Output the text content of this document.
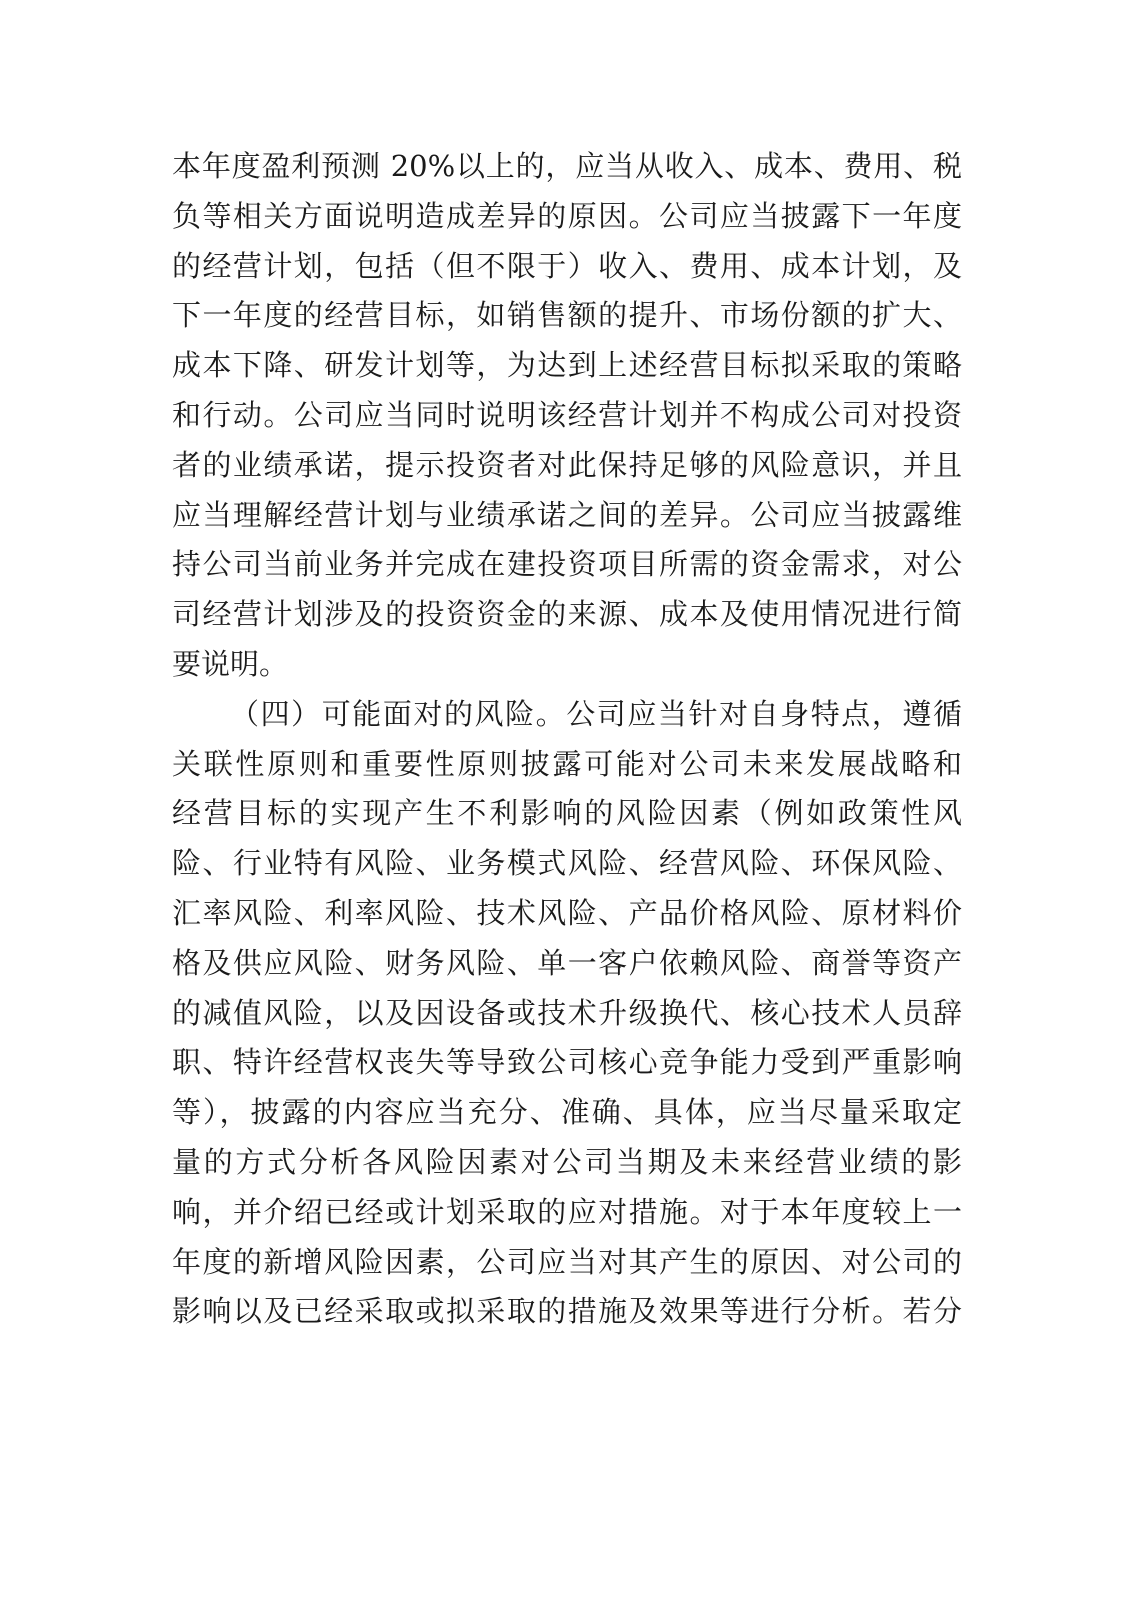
本年度盈利预测 20%以上的，应当从收入、成本、费用、税
负等相关方面说明造成差异的原因。公司应当披露下一年度
的经营计划，包括（但不限于）收入、费用、成本计划，及
下一年度的经营目标，如销售额的提升、市场份额的扩大、
成本下降、研发计划等，为达到上述经营目标拟采取的策略
和行动。公司应当同时说明该经营计划并不构成公司对投资
者的业绩承诺，提示投资者对此保持足够的风险意识，并且
应当理解经营计划与业绩承诺之间的差异。公司应当披露维
持公司当前业务并完成在建投资项目所需的资金需求，对公
司经营计划涉及的投资资金的来源、成本及使用情况进行简
要说明。
（四）可能面对的风险。公司应当针对自身特点，遵循
关联性原则和重要性原则披露可能对公司未来发展战略和
经营目标的实现产生不利影响的风险因素（例如政策性风
险、行业特有风险、业务模式风险、经营风险、环保风险、
汇率风险、利率风险、技术风险、产品价格风险、原材料价
格及供应风险、财务风险、单一客户依赖风险、商誉等资产
的减值风险，以及因设备或技术升级换代、核心技术人员辞
职、特许经营权丧失等导致公司核心竞争能力受到严重影响
等），披露的内容应当充分、准确、具体，应当尽量采取定
量的方式分析各风险因素对公司当期及未来经营业绩的影
响，并介绍已经或计划采取的应对措施。对于本年度较上一
年度的新增风险因素，公司应当对其产生的原因、对公司的
影响以及已经采取或拟采取的措施及效果等进行分析。若分
